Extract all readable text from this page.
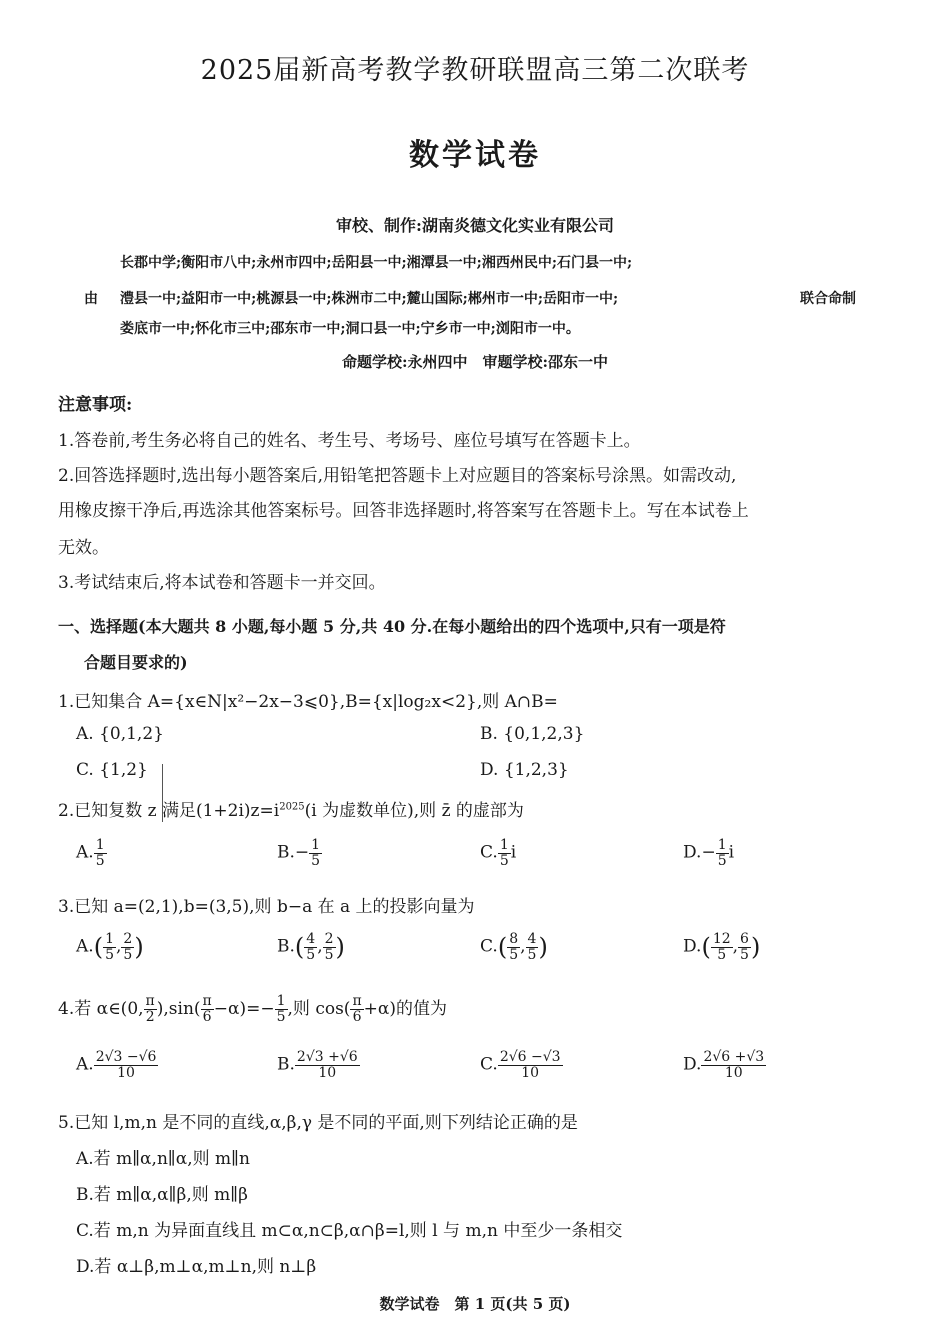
2025届新高考教学教研联盟高三第二次联考
数学试卷
审校、制作:湖南炎德文化实业有限公司
长郡中学;衡阳市八中;永州市四中;岳阳县一中;湘潭县一中;湘西州民中;石门县一中;
澧县一中;益阳市一中;桃源县一中;株洲市二中;麓山国际;郴州市一中;岳阳市一中;
娄底市一中;怀化市三中;邵东市一中;洞口县一中;宁乡市一中;浏阳市一中。
由	联合命制
命题学校:永州四中　审题学校:邵东一中
注意事项:
1.答卷前,考生务必将自己的姓名、考生号、考场号、座位号填写在答题卡上。
2.回答选择题时,选出每小题答案后,用铅笔把答题卡上对应题目的答案标号涂黑。如需改动,
用橡皮擦干净后,再选涂其他答案标号。回答非选择题时,将答案写在答题卡上。写在本试卷上
无效。
3.考试结束后,将本试卷和答题卡一并交回。
一、选择题(本大题共 8 小题,每小题 5 分,共 40 分.在每小题给出的四个选项中,只有一项是符
合题目要求的)
1.已知集合 A={x∈N|x²−2x−3⩽0},B={x|log₂x<2},则 A∩B=
A. {0,1,2}	B. {0,1,2,3}
C. {1,2}	D. {1,2,3}
2.已知复数 z 满足$(1+2i)z=i^{2025}(i$ 为虚数单位),则 z̄ 的虚部为
A. $\frac{1}{5}$	$B.- \frac{1}{5}$	C. $\frac{1}{5}$ i	$D.- \frac{1}{5}$ i
3.已知 a=(2,1),b=(3,5),则 b−a 在 a 上的投影向量为
$A.( \frac{1}{5}$ , $\frac{2}{5}$ )	$B.( \frac{4}{5}$ , $\frac{2}{5}$ )	$C.( \frac{8}{5}$ , $\frac{4}{5}$ )	$D.( \frac{12}{5}$ , $\frac{6}{5}$ )
4.若 α∈(0, $\frac{\pi}{2} ),\sin( \frac{\pi}{6} -\alpha)=- \frac{1}{5}$ ,则 $\cos( \frac{\pi}{6} +\alpha)$的值为
A. $\frac{2√3 -√6}{10}$	B. $\frac{2√3 +√6}{10}$	C. $\frac{2√6 -√3}{10}$	D. $\frac{2√6 +√3}{10}$
5.已知 l,m,n 是不同的直线,α,β,γ 是不同的平面,则下列结论正确的是
A.若 m∥α,n∥α,则 m∥n
B.若 m∥α,α∥β,则 m∥β
C.若 m,n 为异面直线且 m⊂α,n⊂β,α∩β=l,则 l 与 m,n 中至少一条相交
D.若 α⊥β,m⊥α,m⊥n,则 n⊥β
数学试卷　第 1 页(共 5 页)
